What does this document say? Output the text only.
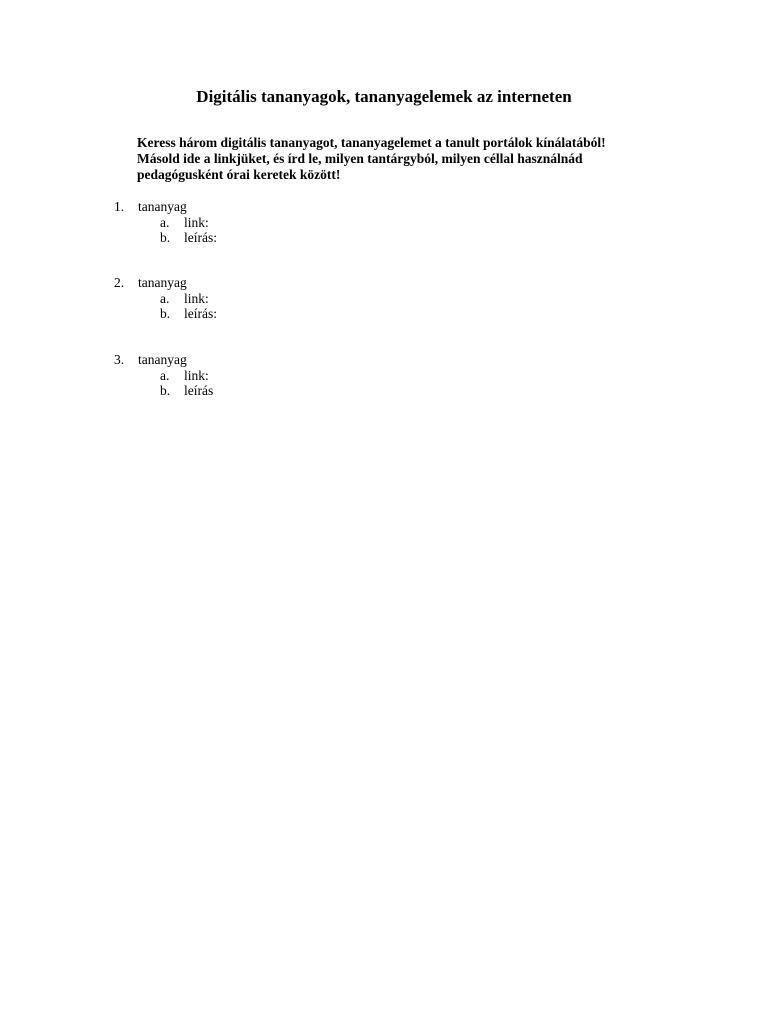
Digitális tananyagok, tananyagelemek az interneten
Keress három digitális tananyagot, tananyagelemet a tanult portálok kínálatából!
Másold ide a linkjüket, és írd le, milyen tantárgyból, milyen céllal használnád
pedagógusként órai keretek között!
1. tananyag
a. link:
b. leírás:
2. tananyag
a. link:
b. leírás:
3. tananyag
a. link:
b. leírás
